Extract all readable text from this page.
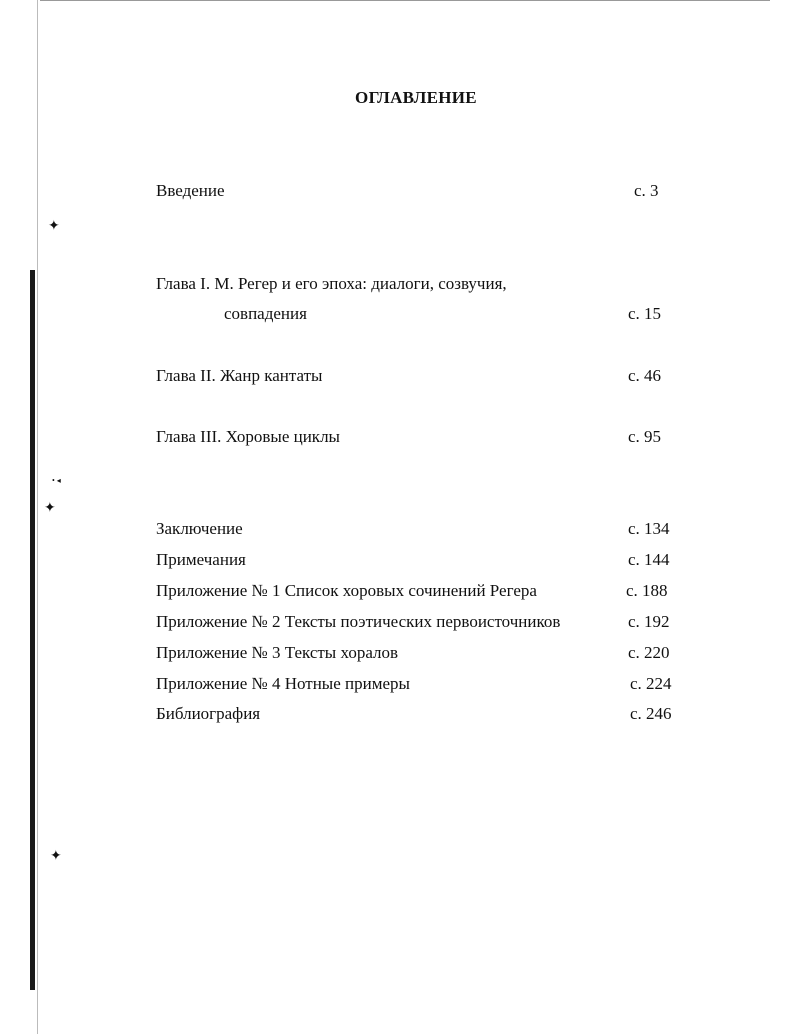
✦
• ◂
✦
✦
ОГЛАВЛЕНИЕ
Введение	с. 3
Глава I. М. Регер и его эпоха: диалоги, созвучия,
совпадения	с. 15
Глава II. Жанр кантаты	с. 46
Глава III. Хоровые циклы	с. 95
Заключение	с. 134
Примечания	с. 144
Приложение № 1 Список хоровых сочинений Регера	с. 188
Приложение № 2 Тексты поэтических первоисточников	с. 192
Приложение № 3 Тексты хоралов	с. 220
Приложение № 4 Нотные примеры	с. 224
Библиография	с. 246
